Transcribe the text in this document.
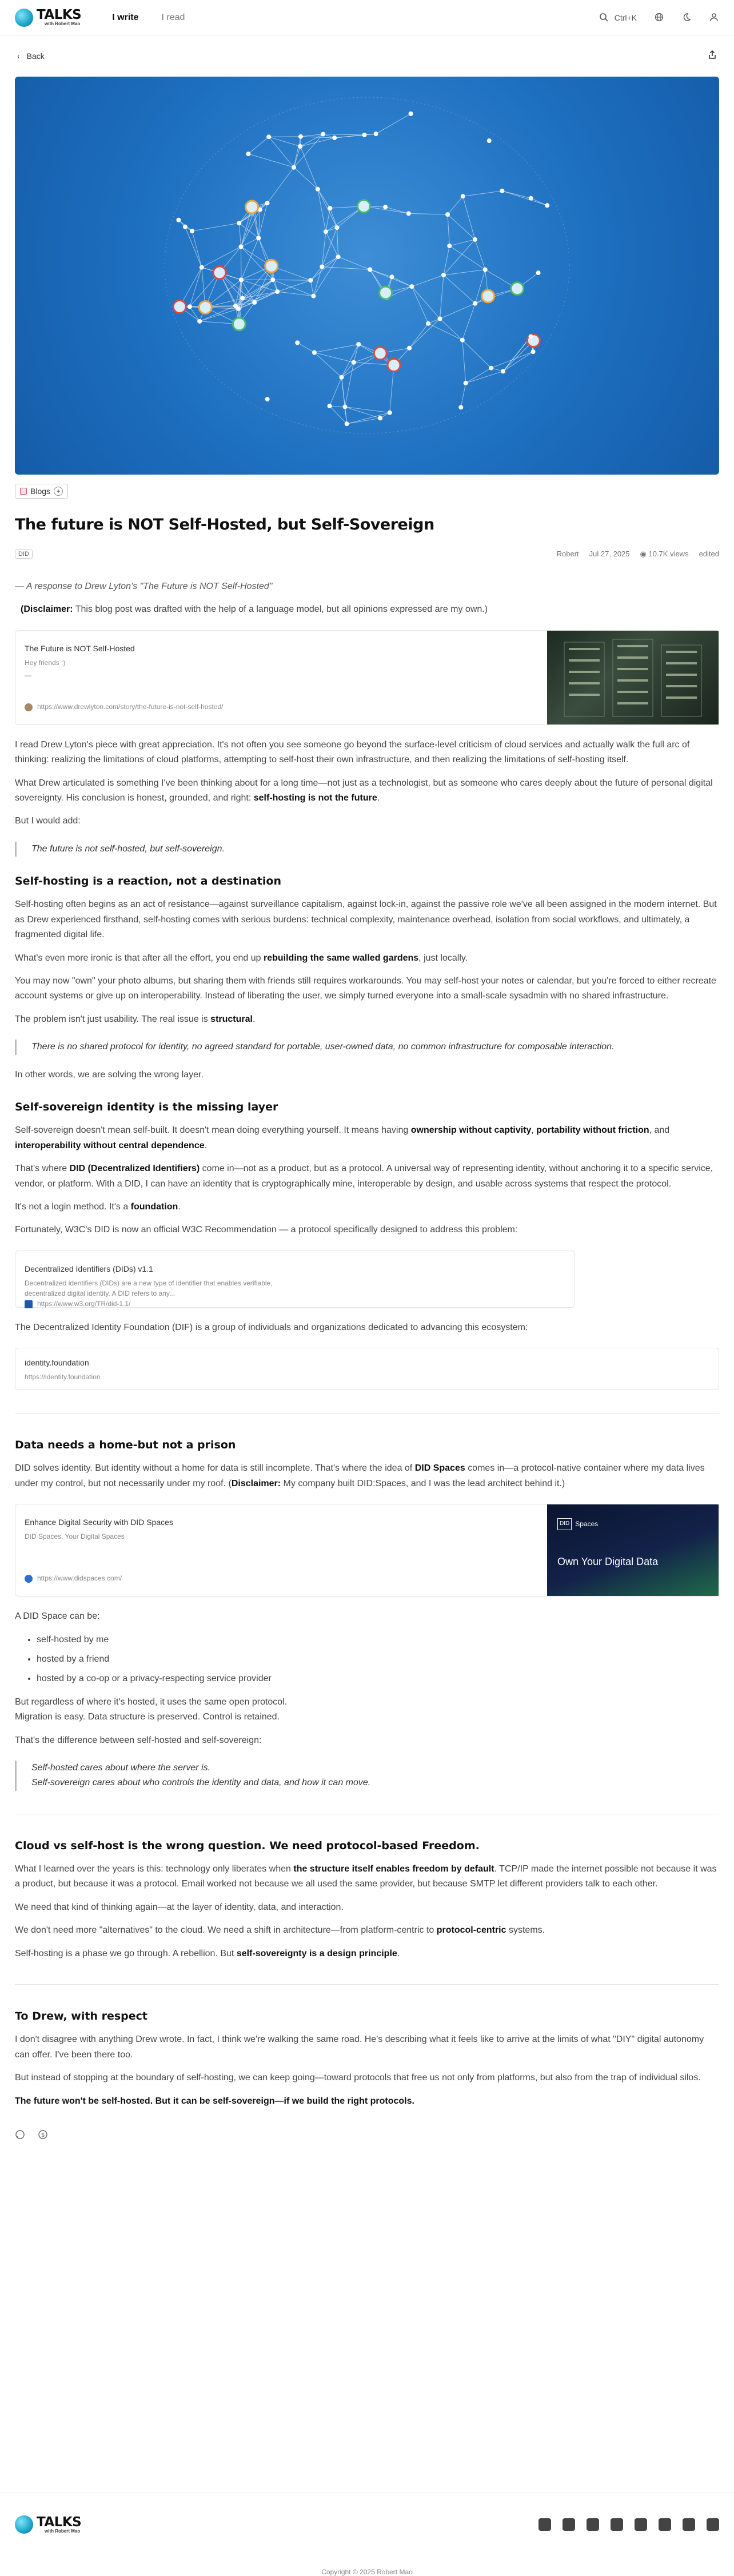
TALKS
with Robert Mao
I write	I read	Ctrl+K
‹ Back
Blogs +
The future is NOT Self-Hosted, but Self-Sovereign
DID	Robert Jul 27, 2025 ◉ 10.7K views edited

— A response to Drew Lyton's "The Future is NOT Self-Hosted"

(Disclaimer: This blog post was drafted with the help of a language model, but all opinions expressed are my own.)

The Future is NOT Self-Hosted
Hey friends :)
—
https://www.drewlyton.com/story/the-future-is-not-self-hosted/

I read Drew Lyton's piece with great appreciation. It's not often you see someone go beyond the surface-level criticism of cloud services and actually walk the full arc of thinking: realizing the limitations of cloud platforms, attempting to self-host their own infrastructure, and then realizing the limitations of self-hosting itself.

What Drew articulated is something I've been thinking about for a long time—not just as a technologist, but as someone who cares deeply about the future of personal digital sovereignty. His conclusion is honest, grounded, and right: self-hosting is not the future.

But I would add:

The future is not self-hosted, but self-sovereign.
Self-hosting is a reaction, not a destination

Self-hosting often begins as an act of resistance—against surveillance capitalism, against lock-in, against the passive role we've all been assigned in the modern internet. But as Drew experienced firsthand, self-hosting comes with serious burdens: technical complexity, maintenance overhead, isolation from social workflows, and ultimately, a fragmented digital life.

What's even more ironic is that after all the effort, you end up rebuilding the same walled gardens, just locally.

You may now "own" your photo albums, but sharing them with friends still requires workarounds. You may self-host your notes or calendar, but you're forced to either recreate account systems or give up on interoperability. Instead of liberating the user, we simply turned everyone into a small-scale sysadmin with no shared infrastructure.

The problem isn't just usability. The real issue is structural.

There is no shared protocol for identity, no agreed standard for portable, user-owned data, no common infrastructure for composable interaction.

In other words, we are solving the wrong layer.

Self-sovereign identity is the missing layer

Self-sovereign doesn't mean self-built. It doesn't mean doing everything yourself. It means having ownership without captivity, portability without friction, and interoperability without central dependence.

That's where DID (Decentralized Identifiers) come in—not as a product, but as a protocol. A universal way of representing identity, without anchoring it to a specific service, vendor, or platform. With a DID, I can have an identity that is cryptographically mine, interoperable by design, and usable across systems that respect the protocol.

It's not a login method. It's a foundation.

Fortunately, W3C's DID is now an official W3C Recommendation — a protocol specifically designed to address this problem:

Decentralized Identifiers (DIDs) v1.1
Decentralized identifiers (DIDs) are a new type of identifier that enables verifiable, decentralized digital identity. A DID refers to any...
https://www.w3.org/TR/did-1.1/

The Decentralized Identity Foundation (DIF) is a group of individuals and organizations dedicated to advancing this ecosystem:

identity.foundation
https://identity.foundation
Data needs a home-but not a prison

DID solves identity. But identity without a home for data is still incomplete. That's where the idea of DID Spaces comes in—a protocol-native container where my data lives under my control, but not necessarily under my roof. (Disclaimer: My company built DID:Spaces, and I was the lead architect behind it.)

Enhance Digital Security with DID Spaces
DID Spaces, Your Digital Spaces
https://www.didspaces.com/
DID Spaces
Own Your Digital Data

A DID Space can be:

• self-hosted by me
• hosted by a friend
• hosted by a co-op or a privacy-respecting service provider

But regardless of where it's hosted, it uses the same open protocol.
Migration is easy. Data structure is preserved. Control is retained.

That's the difference between self-hosted and self-sovereign:

Self-hosted cares about where the server is.
Self-sovereign cares about who controls the identity and data, and how it can move.
Cloud vs self-host is the wrong question. We need protocol-based Freedom.

What I learned over the years is this: technology only liberates when the structure itself enables freedom by default. TCP/IP made the internet possible not because it was a product, but because it was a protocol. Email worked not because we all used the same provider, but because SMTP let different providers talk to each other.

We need that kind of thinking again—at the layer of identity, data, and interaction.

We don't need more "alternatives" to the cloud. We need a shift in architecture—from platform-centric to protocol-centric systems.

Self-hosting is a phase we go through. A rebellion. But self-sovereignty is a design principle.

To Drew, with respect

I don't disagree with anything Drew wrote. In fact, I think we're walking the same road. He's describing what it feels like to arrive at the limits of what "DIY" digital autonomy can offer. I've been there too.

But instead of stopping at the boundary of self-hosting, we can keep going—toward protocols that free us not only from platforms, but also from the trap of individual silos.

The future won't be self-hosted. But it can be self-sovereign—if we build the right protocols.

$
TALKS
with Robert Mao
Copyright © 2025 Robert Mao
